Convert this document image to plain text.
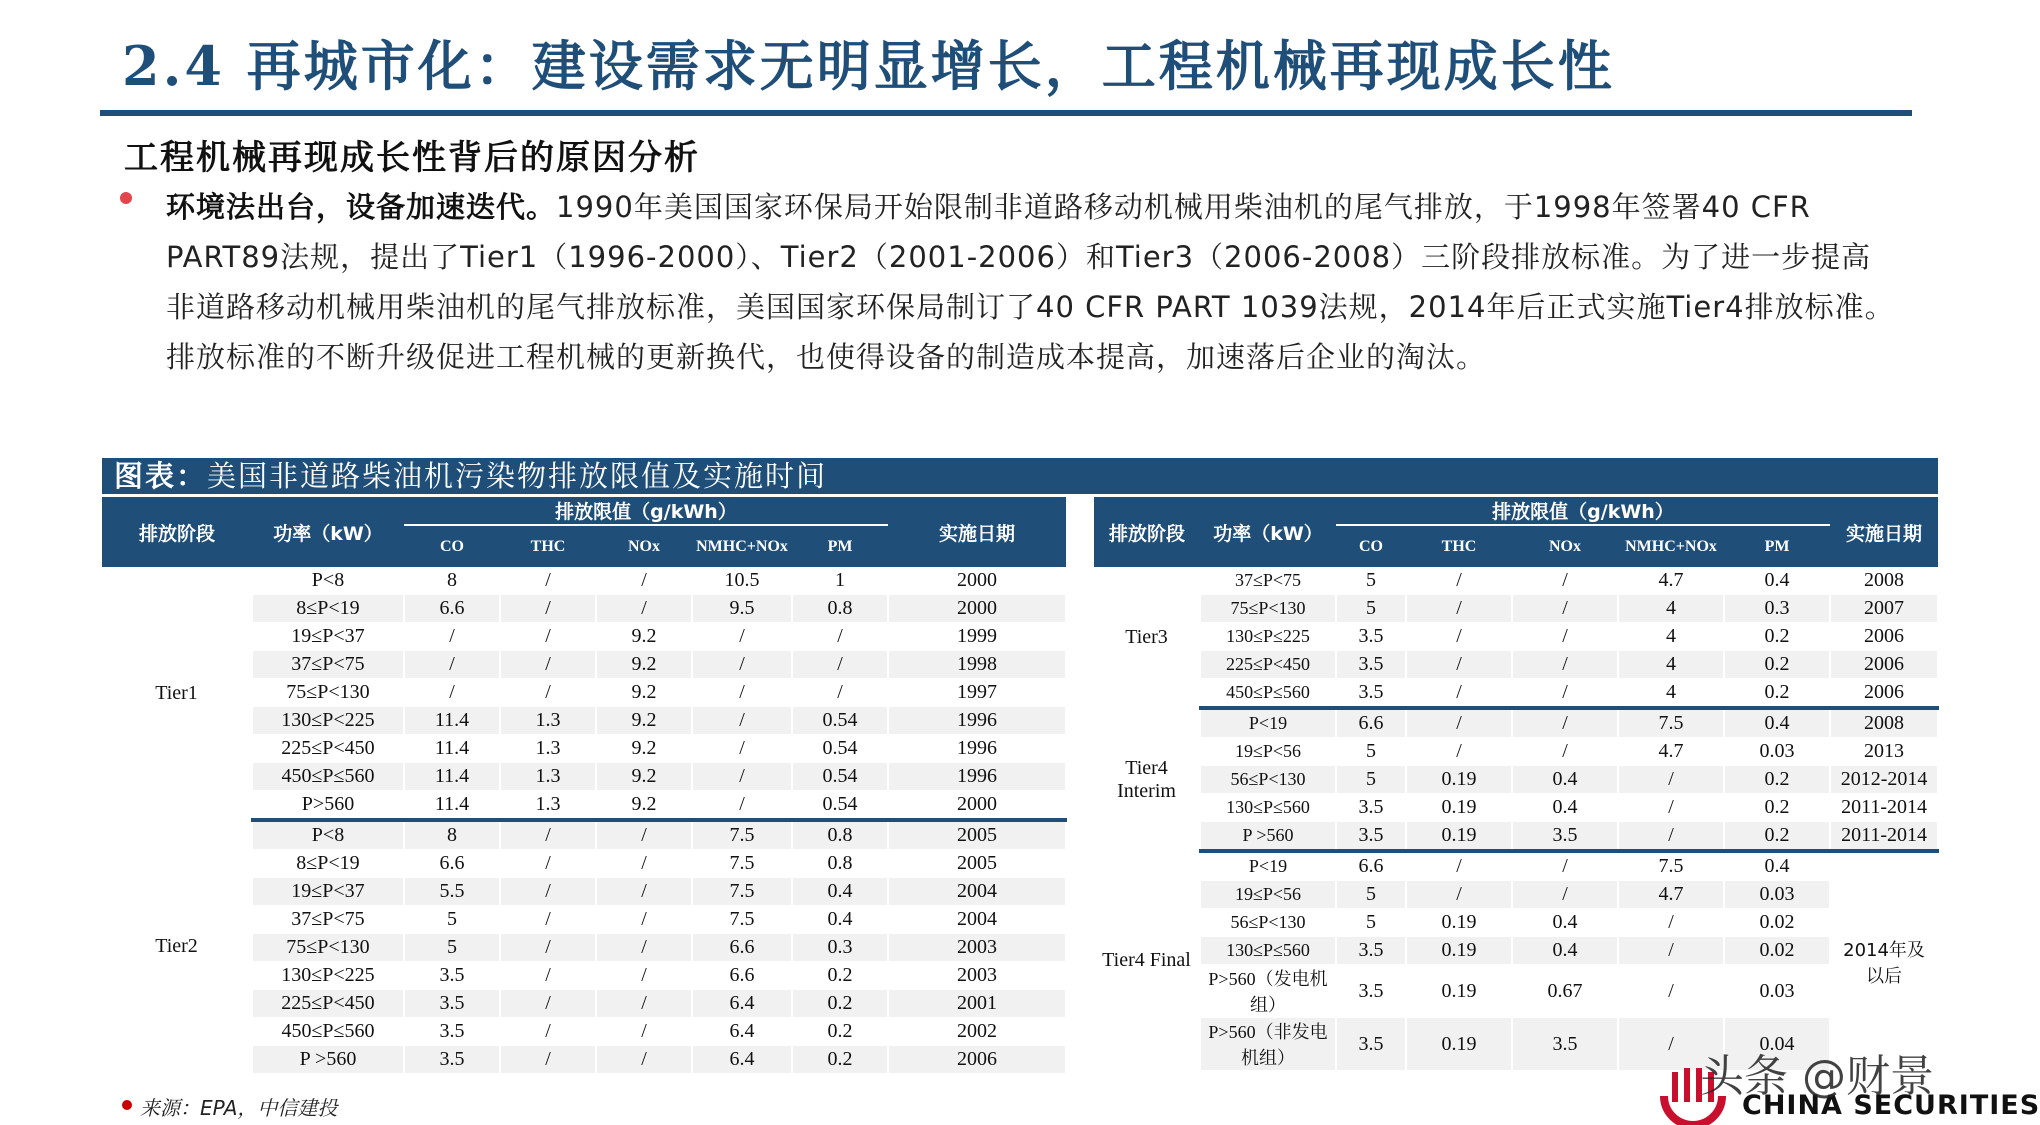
2.4 再城市化：建设需求无明显增长，工程机械再现成长性
工程机械再现成长性背后的原因分析
环境法出台，设备加速迭代。1990年美国国家环保局开始限制非道路移动机械用柴油机的尾气排放，于1998年签署40 CFR PART89法规，提出了Tier1（1996-2000）、Tier2（2001-2006）和Tier3（2006-2008）三阶段排放标准。为了进一步提高非道路移动机械用柴油机的尾气排放标准，美国国家环保局制订了40 CFR PART 1039法规，2014年后正式实施Tier4排放标准。排放标准的不断升级促进工程机械的更新换代，也使得设备的制造成本提高，加速落后企业的淘汰。
图表：美国非道路柴油机污染物排放限值及实施时间
排放阶段	功率（kW）	排放限值（g/kWh）					实施日期
		CO	THC	NOx	NMHC+NOx	PM	
Tier1	P<8	8	/	/	10.5	1	2000
	8≤P<19	6.6	/	/	9.5	0.8	2000
	19≤P<37	/	/	9.2	/	/	1999
	37≤P<75	/	/	9.2	/	/	1998
	75≤P<130	/	/	9.2	/	/	1997
	130≤P<225	11.4	1.3	9.2	/	0.54	1996
	225≤P<450	11.4	1.3	9.2	/	0.54	1996
	450≤P≤560	11.4	1.3	9.2	/	0.54	1996
	P>560	11.4	1.3	9.2	/	0.54	2000
Tier2	P<8	8	/	/	7.5	0.8	2005
	8≤P<19	6.6	/	/	7.5	0.8	2005
	19≤P<37	5.5	/	/	7.5	0.4	2004
	37≤P<75	5	/	/	7.5	0.4	2004
	75≤P<130	5	/	/	6.6	0.3	2003
	130≤P<225	3.5	/	/	6.6	0.2	2003
	225≤P<450	3.5	/	/	6.4	0.2	2001
	450≤P≤560	3.5	/	/	6.4	0.2	2002
	P >560	3.5	/	/	6.4	0.2	2006
排放阶段	功率（kW）	排放限值（g/kWh）					实施日期
		CO	THC	NOx	NMHC+NOx	PM	
Tier3	37≤P<75	5	/	/	4.7	0.4	2008
	75≤P<130	5	/	/	4	0.3	2007
	130≤P≤225	3.5	/	/	4	0.2	2006
	225≤P<450	3.5	/	/	4	0.2	2006
	450≤P≤560	3.5	/	/	4	0.2	2006
Tier4 Interim	P<19	6.6	/	/	7.5	0.4	2008
	19≤P<56	5	/	/	4.7	0.03	2013
	56≤P<130	5	0.19	0.4	/	0.2	2012-2014
	130≤P≤560	3.5	0.19	0.4	/	0.2	2011-2014
	P >560	3.5	0.19	3.5	/	0.2	2011-2014
Tier4 Final	P<19	6.6	/	/	7.5	0.4	2014年及以后
	19≤P<56	5	/	/	4.7	0.03	
	56≤P<130	5	0.19	0.4	/	0.02	
	130≤P≤560	3.5	0.19	0.4	/	0.02	
	P>560（发电机组）	3.5	0.19	0.67	/	0.03	
	P>560（非发电机组）	3.5	0.19	3.5	/	0.04	
来源：EPA，中信建投	CHINA SECURITIES
头条 @财景
